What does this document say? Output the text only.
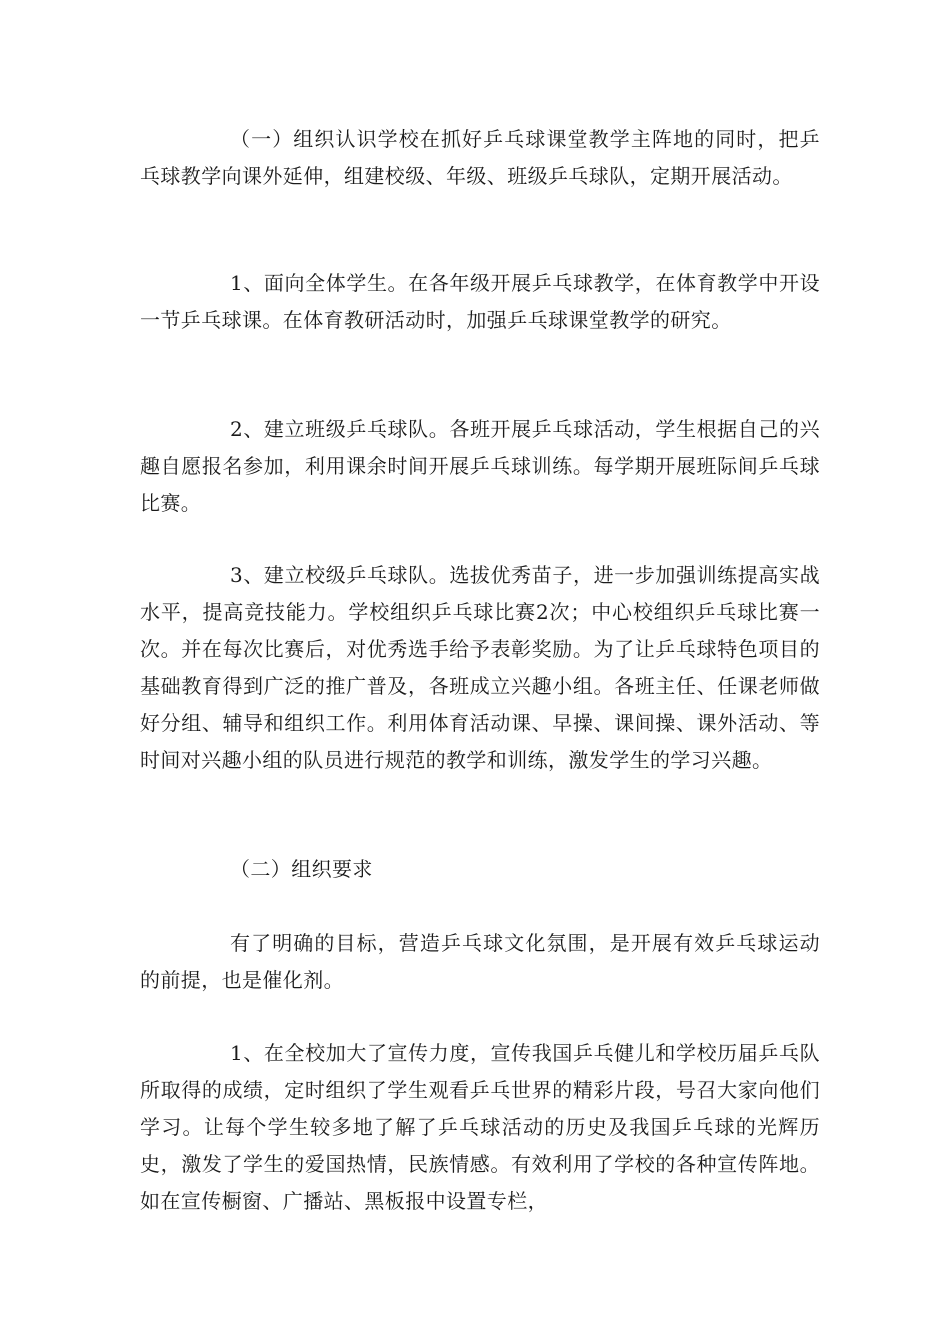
（一）组织认识学校在抓好乒乓球课堂教学主阵地的同时，把乒乓球教学向课外延伸，组建校级、年级、班级乒乓球队，定期开展活动。

1、面向全体学生。在各年级开展乒乓球教学，在体育教学中开设一节乒乓球课。在体育教研活动时，加强乒乓球课堂教学的研究。

2、建立班级乒乓球队。各班开展乒乓球活动，学生根据自己的兴趣自愿报名参加，利用课余时间开展乒乓球训练。每学期开展班际间乒乓球比赛。

3、建立校级乒乓球队。选拔优秀苗子，进一步加强训练提高实战水平，提高竞技能力。学校组织乒乓球比赛2次；中心校组织乒乓球比赛一次。并在每次比赛后，对优秀选手给予表彰奖励。为了让乒乓球特色项目的基础教育得到广泛的推广普及，各班成立兴趣小组。各班主任、任课老师做好分组、辅导和组织工作。利用体育活动课、早操、课间操、课外活动、等时间对兴趣小组的队员进行规范的教学和训练，激发学生的学习兴趣。

（二）组织要求

有了明确的目标，营造乒乓球文化氛围，是开展有效乒乓球运动的前提，也是催化剂。

1、在全校加大了宣传力度，宣传我国乒乓健儿和学校历届乒乓队所取得的成绩，定时组织了学生观看乒乓世界的精彩片段，号召大家向他们学习。让每个学生较多地了解了乒乓球活动的历史及我国乒乓球的光辉历史，激发了学生的爱国热情，民族情感。有效利用了学校的各种宣传阵地。如在宣传橱窗、广播站、黑板报中设置专栏，
